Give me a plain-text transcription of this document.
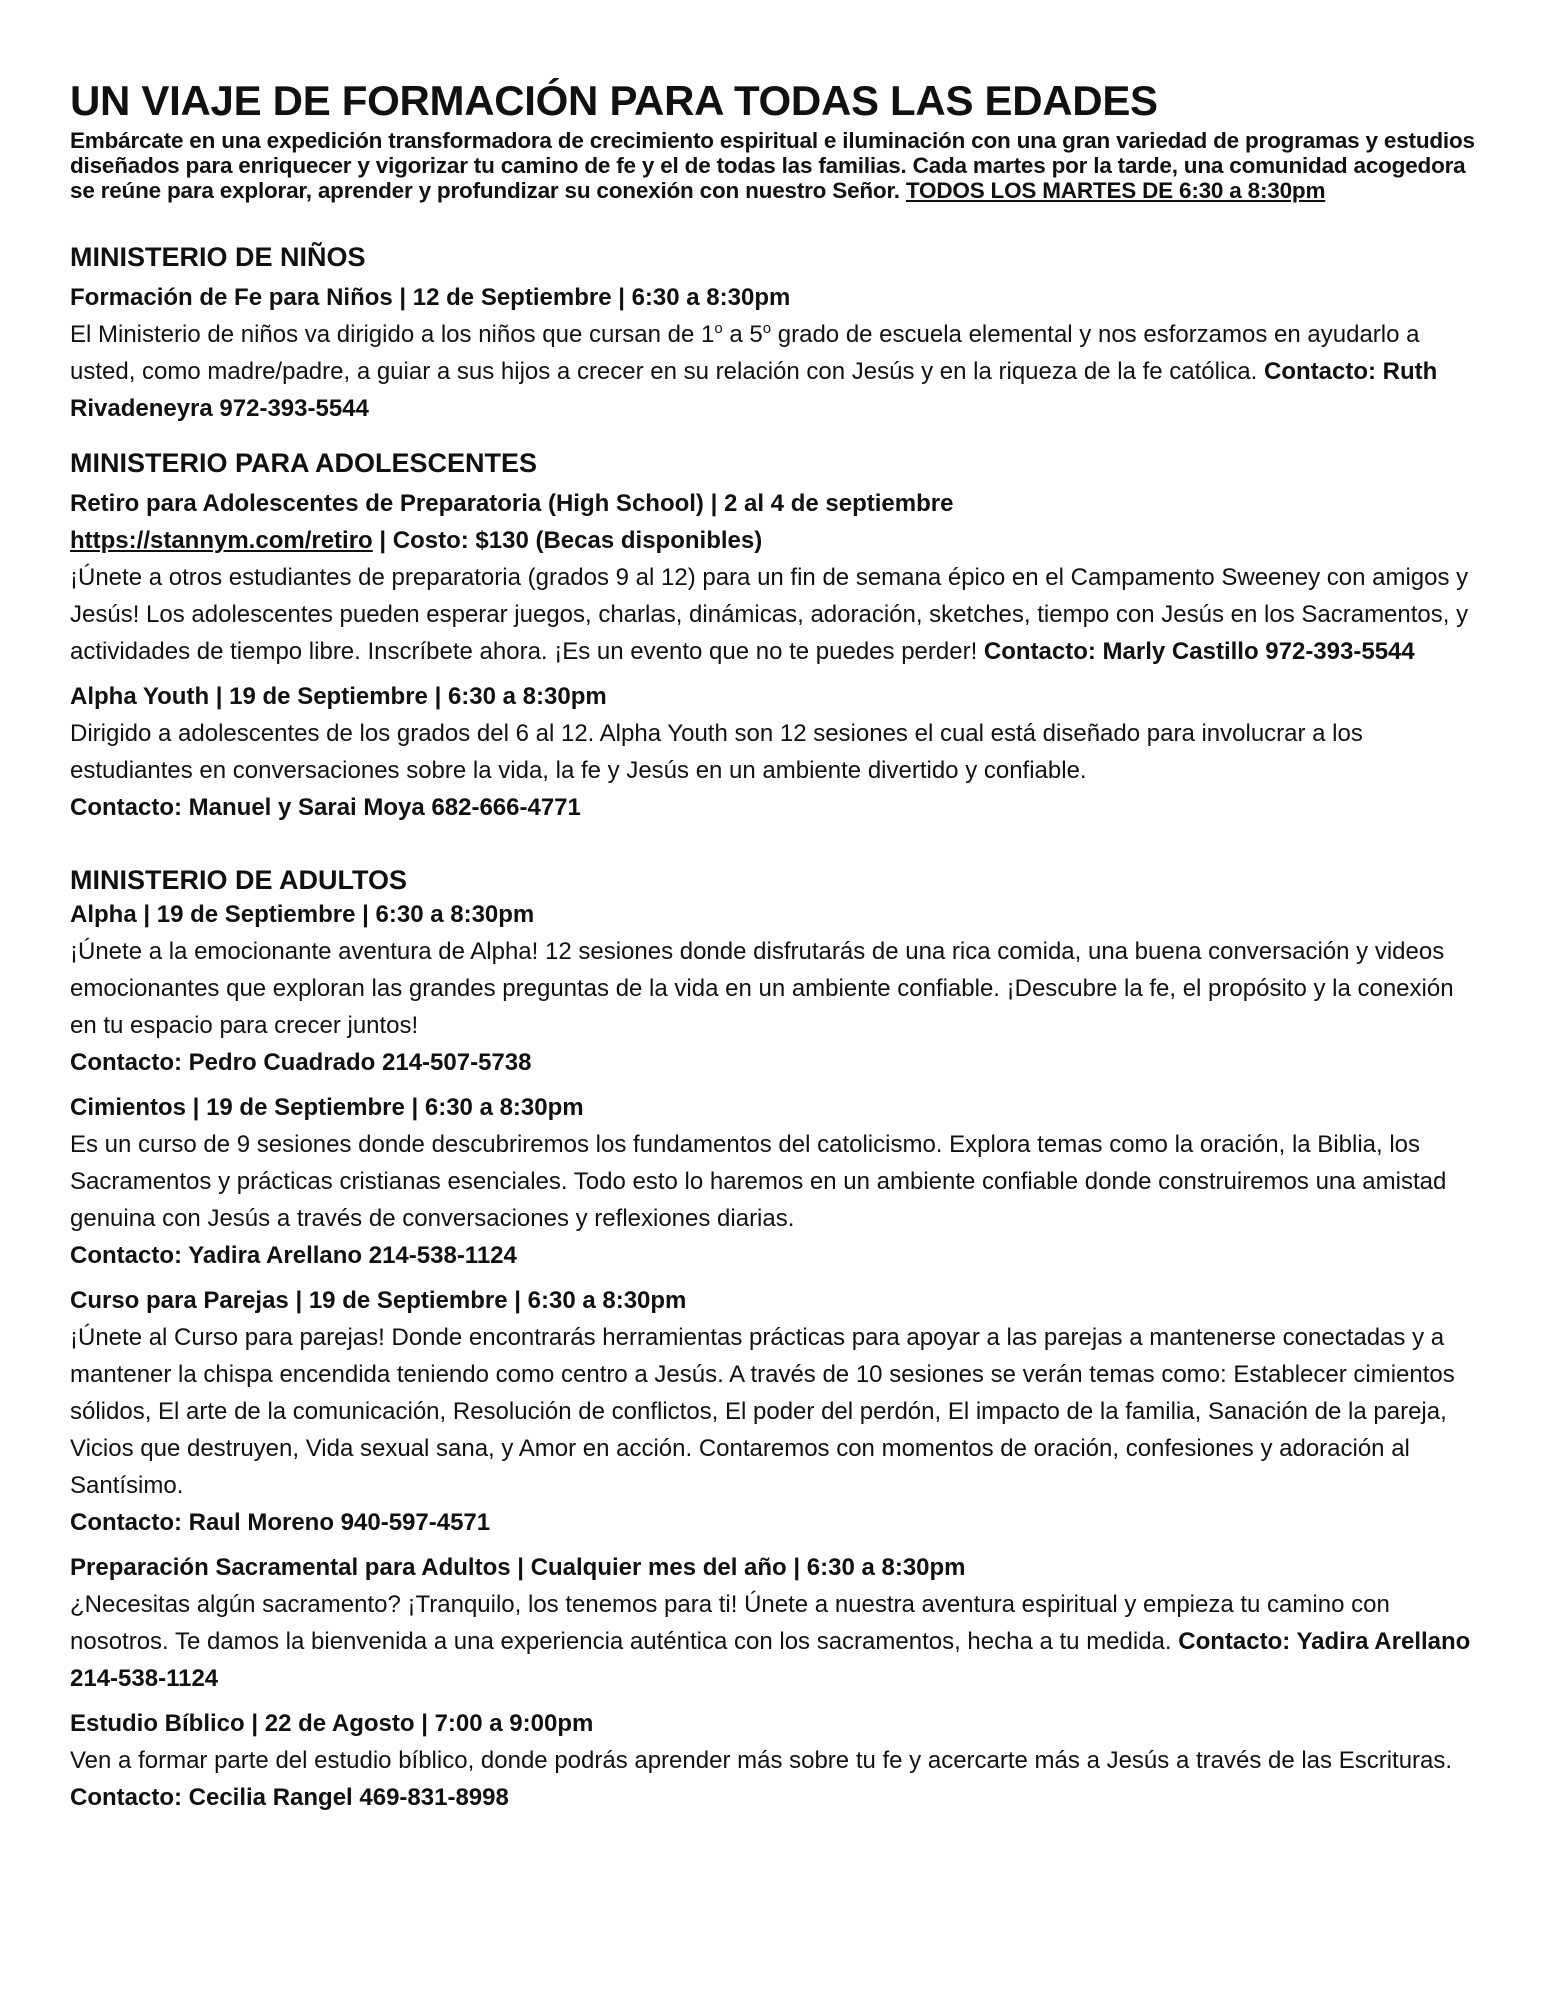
UN VIAJE DE FORMACIÓN PARA TODAS LAS EDADES

Embárcate en una expedición transformadora de crecimiento espiritual e iluminación con una gran variedad de programas y estudios diseñados para enriquecer y vigorizar tu camino de fe y el de todas las familias. Cada martes por la tarde, una comunidad acogedora se reúne para explorar, aprender y profundizar su conexión con nuestro Señor. TODOS LOS MARTES DE 6:30 a 8:30pm

MINISTERIO DE NIÑOS

Formación de Fe para Niños | 12 de Septiembre | 6:30 a 8:30pm

El Ministerio de niños va dirigido a los niños que cursan de 1$^o$ a 5$^o$ grado de escuela elemental y nos esforzamos en ayudarlo a usted, como madre/padre, a guiar a sus hijos a crecer en su relación con Jesús y en la riqueza de la fe católica. Contacto: Ruth Rivadeneyra 972-393-5544

MINISTERIO PARA ADOLESCENTES

Retiro para Adolescentes de Preparatoria (High School) | 2 al 4 de septiembre

https://stannym.com/retiro | Costo: $130 (Becas disponibles)

¡Únete a otros estudiantes de preparatoria (grados 9 al 12) para un fin de semana épico en el Campamento Sweeney con amigos y Jesús! Los adolescentes pueden esperar juegos, charlas, dinámicas, adoración, sketches, tiempo con Jesús en los Sacramentos, y actividades de tiempo libre. Inscríbete ahora. ¡Es un evento que no te puedes perder! Contacto: Marly Castillo 972-393-5544

Alpha Youth | 19 de Septiembre | 6:30 a 8:30pm

Dirigido a adolescentes de los grados del 6 al 12. Alpha Youth son 12 sesiones el cual está diseñado para involucrar a los estudiantes en conversaciones sobre la vida, la fe y Jesús en un ambiente divertido y confiable.

Contacto: Manuel y Sarai Moya 682-666-4771

MINISTERIO DE ADULTOS

Alpha | 19 de Septiembre | 6:30 a 8:30pm

¡Únete a la emocionante aventura de Alpha! 12 sesiones donde disfrutarás de una rica comida, una buena conversación y videos emocionantes que exploran las grandes preguntas de la vida en un ambiente confiable. ¡Descubre la fe, el propósito y la conexión en tu espacio para crecer juntos!

Contacto: Pedro Cuadrado 214-507-5738

Cimientos | 19 de Septiembre | 6:30 a 8:30pm

Es un curso de 9 sesiones donde descubriremos los fundamentos del catolicismo. Explora temas como la oración, la Biblia, los Sacramentos y prácticas cristianas esenciales. Todo esto lo haremos en un ambiente confiable donde construiremos una amistad genuina con Jesús a través de conversaciones y reflexiones diarias.

Contacto: Yadira Arellano 214-538-1124

Curso para Parejas | 19 de Septiembre | 6:30 a 8:30pm

¡Únete al Curso para parejas! Donde encontrarás herramientas prácticas para apoyar a las parejas a mantenerse conectadas y a mantener la chispa encendida teniendo como centro a Jesús. A través de 10 sesiones se verán temas como: Establecer cimientos sólidos, El arte de la comunicación, Resolución de conflictos, El poder del perdón, El impacto de la familia, Sanación de la pareja, Vicios que destruyen, Vida sexual sana, y Amor en acción. Contaremos con momentos de oración, confesiones y adoración al Santísimo.

Contacto: Raul Moreno 940-597-4571

Preparación Sacramental para Adultos | Cualquier mes del año | 6:30 a 8:30pm

¿Necesitas algún sacramento? ¡Tranquilo, los tenemos para ti! Únete a nuestra aventura espiritual y empieza tu camino con nosotros. Te damos la bienvenida a una experiencia auténtica con los sacramentos, hecha a tu medida. Contacto: Yadira Arellano 214-538-1124

Estudio Bíblico | 22 de Agosto | 7:00 a 9:00pm

Ven a formar parte del estudio bíblico, donde podrás aprender más sobre tu fe y acercarte más a Jesús a través de las Escrituras. Contacto: Cecilia Rangel 469-831-8998
